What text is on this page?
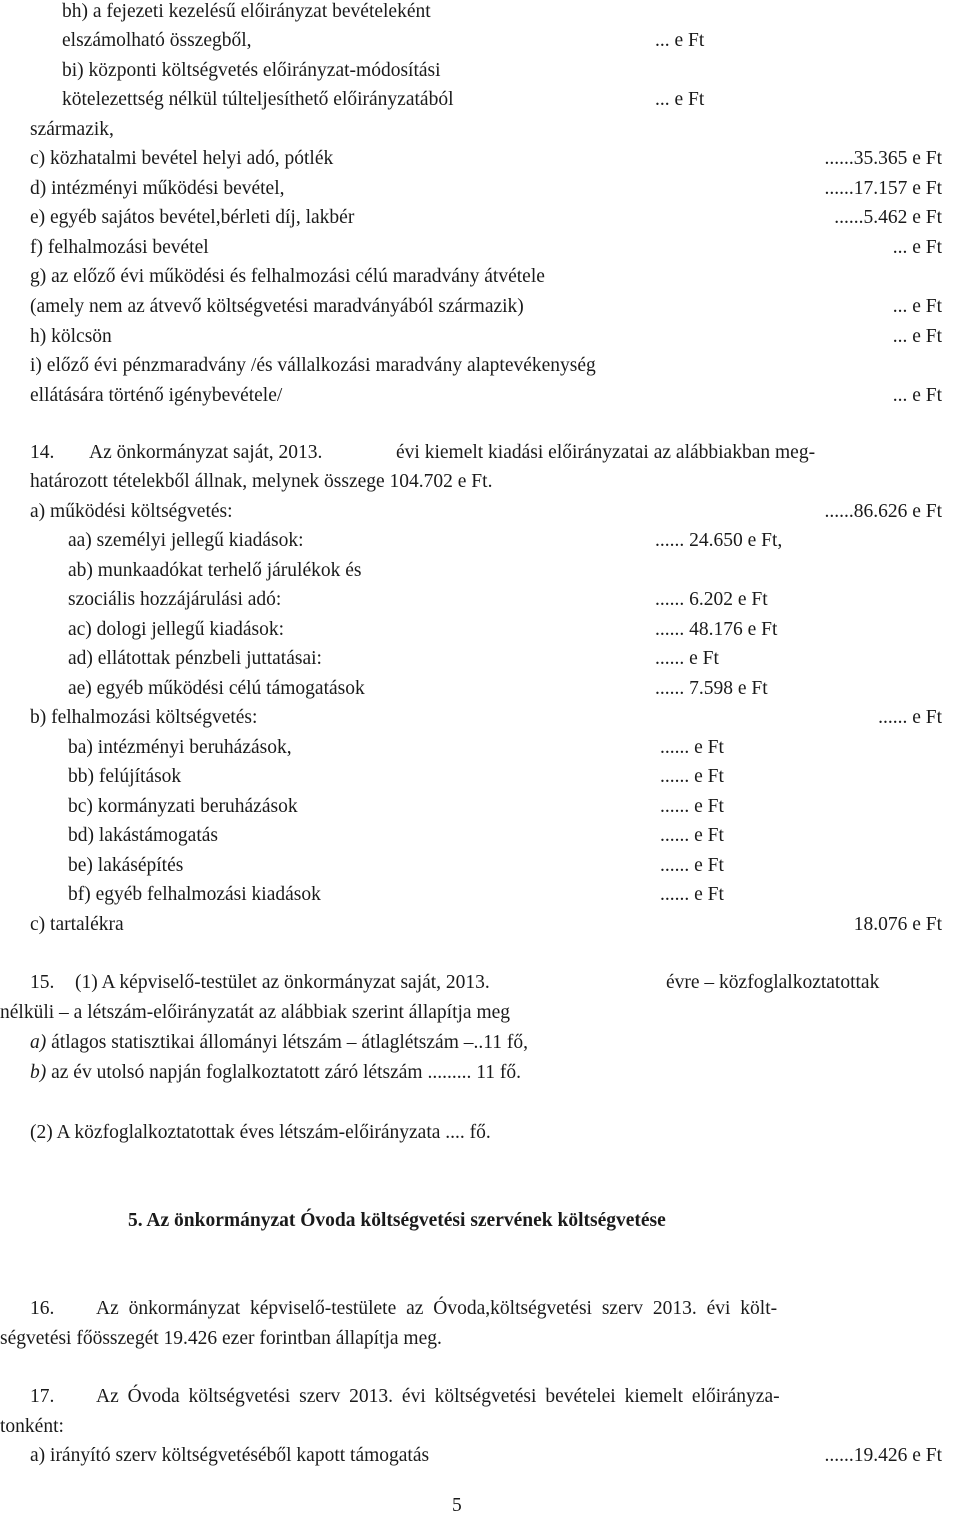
bh) a fejezeti kezelésű előirányzat bevételeként
elszámolható összegből,	... e Ft
bi) központi költségvetés előirányzat-módosítási
kötelezettség nélkül túlteljesíthető előirányzatából	... e Ft
származik,
c) közhatalmi bevétel helyi adó, pótlék	......35.365 e Ft
d) intézményi működési bevétel,	......17.157 e Ft
e) egyéb sajátos bevétel,bérleti díj, lakbér	......5.462 e Ft
f) felhalmozási bevétel	... e Ft
g) az előző évi működési és felhalmozási célú maradvány átvétele
(amely nem az átvevő költségvetési maradványából származik)	... e Ft
h) kölcsön	... e Ft
i) előző évi pénzmaradvány /és vállalkozási maradvány alaptevékenység
ellátására történő igénybevétele/	... e Ft
14. Az önkormányzat saját, 2013.	évi kiemelt kiadási előirányzatai az alábbiakban meg-
határozott tételekből állnak, melynek összege 104.702 e Ft.
a) működési költségvetés:	......86.626 e Ft
aa) személyi jellegű kiadások:	...... 24.650 e Ft,
ab) munkaadókat terhelő járulékok és
szociális hozzájárulási adó:	...... 6.202 e Ft
ac) dologi jellegű kiadások:	...... 48.176 e Ft
ad) ellátottak pénzbeli juttatásai:	...... e Ft
ae) egyéb működési célú támogatások	...... 7.598 e Ft
b) felhalmozási költségvetés:	...... e Ft
ba) intézményi beruházások,	...... e Ft
bb) felújítások	...... e Ft
bc) kormányzati beruházások	...... e Ft
bd) lakástámogatás	...... e Ft
be) lakásépítés	...... e Ft
bf) egyéb felhalmozási kiadások	...... e Ft
c) tartalékra	18.076 e Ft
15. (1) A képviselő-testület az önkormányzat saját, 2013.	évre – közfoglalkoztatottak
nélküli – a létszám-előirányzatát az alábbiak szerint állapítja meg
a) átlagos statisztikai állományi létszám – átlaglétszám –..11 fő,
b) az év utolsó napján foglalkoztatott záró létszám ......... 11 fő.
(2) A közfoglalkoztatottak éves létszám-előirányzata .... fő.
5. Az önkormányzat Óvoda költségvetési szervének költségvetése
16. Az önkormányzat képviselő-testülete az Óvoda,költségvetési szerv 2013. évi költ-
ségvetési főösszegét 19.426 ezer forintban állapítja meg.
17. Az Óvoda költségvetési szerv 2013. évi költségvetési bevételei kiemelt előirányza-
tonként:
a) irányító szerv költségvetéséből kapott támogatás	......19.426 e Ft
5
